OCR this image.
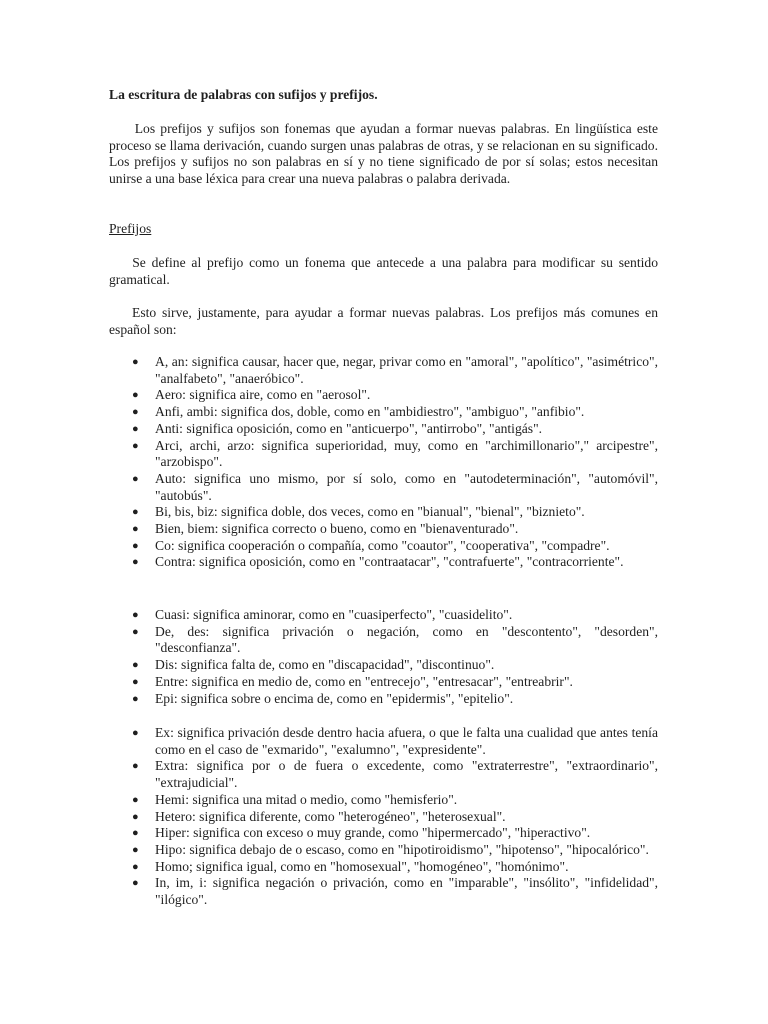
La escritura de palabras con sufijos y prefijos.

Los prefijos y sufijos son fonemas que ayudan a formar nuevas palabras. En lingüística este proceso se llama derivación, cuando surgen unas palabras de otras, y se relacionan en su significado. Los prefijos y sufijos no son palabras en sí y no tiene significado de por sí solas; estos necesitan unirse a una base léxica para crear una nueva palabras o palabra derivada.

Prefijos

Se define al prefijo como un fonema que antecede a una palabra para modificar su sentido gramatical.

Esto sirve, justamente, para ayudar a formar nuevas palabras. Los prefijos más comunes en español son:

● A, an: significa causar, hacer que, negar, privar como en "amoral", "apolítico", "asimétrico", "analfabeto", "anaeróbico".
● Aero: significa aire, como en "aerosol".
● Anfi, ambi: significa dos, doble, como en "ambidiestro", "ambiguo", "anfibio".
● Anti: significa oposición, como en "anticuerpo", "antirrobo", "antigás".
● Arci, archi, arzo: significa superioridad, muy, como en "archimillonario"," arcipestre", "arzobispo".
● Auto: significa uno mismo, por sí solo, como en "autodeterminación", "automóvil", "autobús".
● Bi, bis, biz: significa doble, dos veces, como en "bianual", "bienal", "biznieto".
● Bien, biem: significa correcto o bueno, como en "bienaventurado".
● Co: significa cooperación o compañía, como "coautor", "cooperativa", "compadre".
● Contra: significa oposición, como en "contraatacar", "contrafuerte", "contracorriente".
● Cuasi: significa aminorar, como en "cuasiperfecto", "cuasidelito".
● De, des: significa privación o negación, como en "descontento", "desorden", "desconfianza".
● Dis: significa falta de, como en "discapacidad", "discontinuo".
● Entre: significa en medio de, como en "entrecejo", "entresacar", "entreabrir".
● Epi: significa sobre o encima de, como en "epidermis", "epitelio".
● Ex: significa privación desde dentro hacia afuera, o que le falta una cualidad que antes tenía como en el caso de "exmarido", "exalumno", "expresidente".
● Extra: significa por o de fuera o excedente, como "extraterrestre", "extraordinario", "extrajudicial".
● Hemi: significa una mitad o medio, como "hemisferio".
● Hetero: significa diferente, como "heterogéneo", "heterosexual".
● Hiper: significa con exceso o muy grande, como "hipermercado", "hiperactivo".
● Hipo: significa debajo de o escaso, como en "hipotiroidismo", "hipotenso", "hipocalórico".
● Homo; significa igual, como en "homosexual", "homogéneo", "homónimo".
● In, im, i: significa negación o privación, como en "imparable", "insólito", "infidelidad", "ilógico".
